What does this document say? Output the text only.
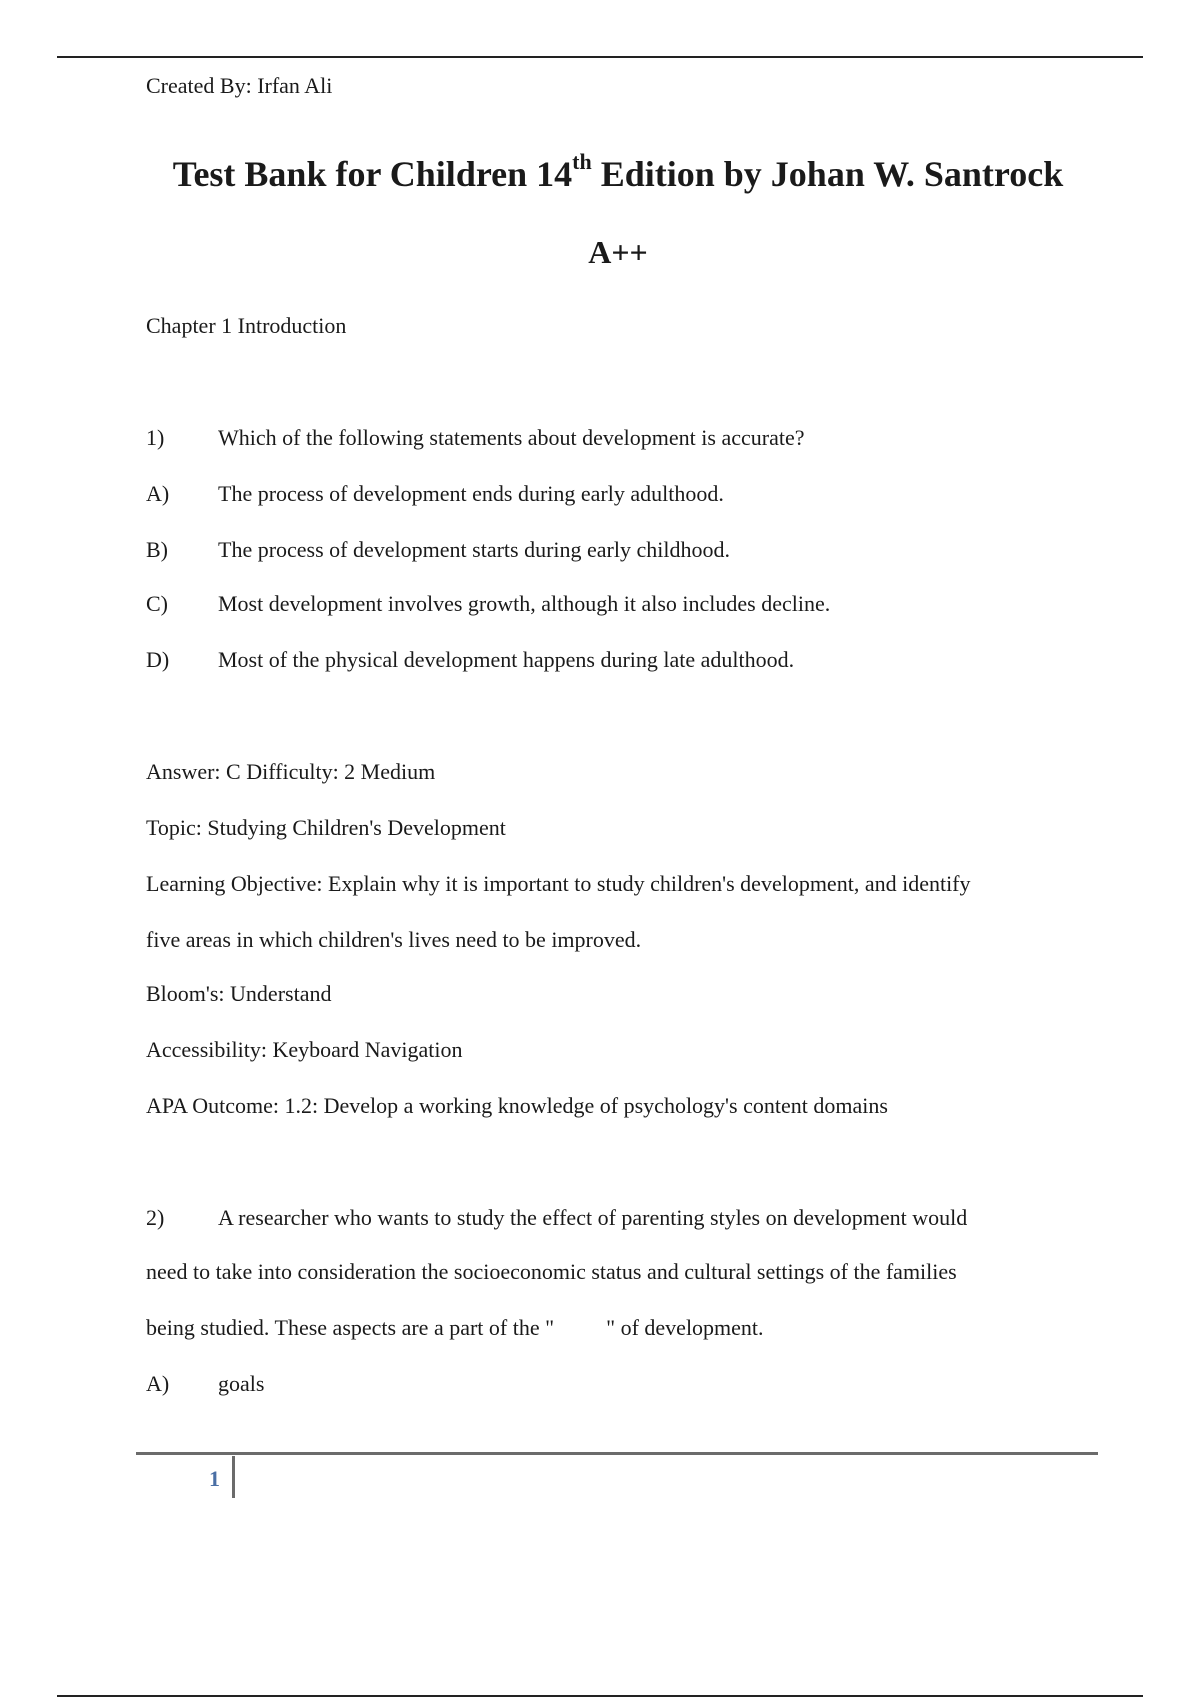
Created By: Irfan Ali
Test Bank for Children 14th Edition by Johan W. Santrock
A++
Chapter 1 Introduction
1) Which of the following statements about development is accurate?
A) The process of development ends during early adulthood.
B) The process of development starts during early childhood.
C) Most development involves growth, although it also includes decline.
D) Most of the physical development happens during late adulthood.
Answer: C Difficulty: 2 Medium
Topic: Studying Children's Development
Learning Objective: Explain why it is important to study children's development, and identify
five areas in which children's lives need to be improved.
Bloom's: Understand
Accessibility: Keyboard Navigation
APA Outcome: 1.2: Develop a working knowledge of psychology's content domains
2) A researcher who wants to study the effect of parenting styles on development would
need to take into consideration the socioeconomic status and cultural settings of the families
being studied. These aspects are a part of the " " of development.
A) goals
1
